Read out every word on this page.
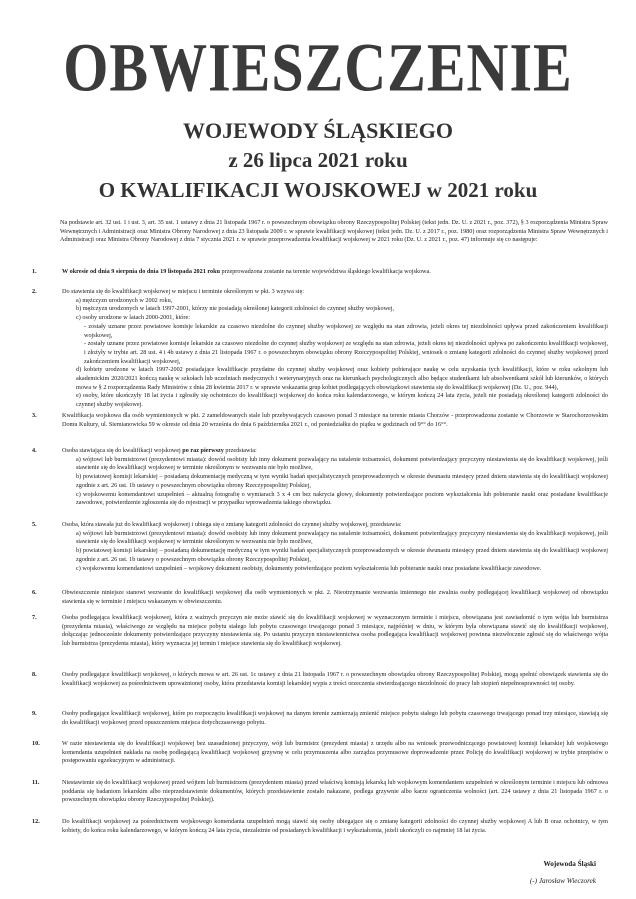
OBWIESZCZENIE
WOJEWODY ŚLĄSKIEGO
z 26 lipca 2021 roku
O KWALIFIKACJI WOJSKOWEJ w 2021 roku
Na podstawie art. 32 ust. 1 i ust. 3, art. 35 ust. 1 ustawy z dnia 21 listopada 1967 r. o powszechnym obowiązku obrony Rzeczypospolitej Polskiej (tekst jedn. Dz. U. z 2021 r., poz. 372), § 3 rozporządzenia Ministra Spraw Wewnętrznych i Administracji oraz Ministra Obrony Narodowej z dnia 23 listopada 2009 r. w sprawie kwalifikacji wojskowej (tekst jedn. Dz. U. z 2017 r., poz. 1980) oraz rozporządzenia Ministra Spraw Wewnętrznych i Administracji oraz Ministra Obrony Narodowej z dnia 7 stycznia 2021 r. w sprawie przeprowadzenia kwalifikacji wojskowej w 2021 roku (Dz. U. z 2021 r., poz. 47) informuje się co następuje:
1.	W okresie od dnia 9 sierpnia do dnia 19 listopada 2021 roku przeprowadzona zostanie na terenie województwa śląskiego kwalifikacja wojskowa.
2.	Do stawienia się do kwalifikacji wojskowej w miejscu i terminie określonym w pkt. 3 wzywa się:

a) mężczyzn urodzonych w 2002 roku,

b) mężczyzn urodzonych w latach 1997-2001, którzy nie posiadają określonej kategorii zdolności do czynnej służby wojskowej,

c) osoby urodzone w latach 2000-2001, które:

- zostały uznane przez powiatowe komisje lekarskie za czasowo niezdolne do czynnej służby wojskowej ze względu na stan zdrowia, jeżeli okres tej niezdolności upływa przed zakończeniem kwalifikacji wojskowej,

- zostały uznane przez powiatowe komisje lekarskie za czasowo niezdolne do czynnej służby wojskowej ze względu na stan zdrowia, jeżeli okres tej niezdolności upływa po zakończeniu kwalifikacji wojskowej, i złożyły w trybie art. 28 ust. 4 i 4b ustawy z dnia 21 listopada 1967 r. o powszechnym obowiązku obrony Rzeczypospolitej Polskiej, wniosek o zmianę kategorii zdolności do czynnej służby wojskowej przed zakończeniem kwalifikacji wojskowej,

d) kobiety urodzone w latach 1997-2002 posiadające kwalifikacje przydatne do czynnej służby wojskowej oraz kobiety pobierające naukę w celu uzyskania tych kwalifikacji, które w roku szkolnym lub akademickim 2020/2021 kończą naukę w szkołach lub uczelniach medycznych i weterynaryjnych oraz na kierunkach psychologicznych albo będące studentkami lub absolwentkami szkół lub kierunków, o których mowa w § 2 rozporządzenia Rady Ministrów z dnia 28 kwietnia 2017 r. w sprawie wskazania grup kobiet podlegających obowiązkowi stawienia się do kwalifikacji wojskowej (Dz. U., poz. 944),

e) osoby, które ukończyły 18 lat życia i zgłosiły się ochotniczo do kwalifikacji wojskowej do końca roku kalendarzowego, w którym kończą 24 lata życia, jeżeli nie posiadają określonej kategorii zdolności do czynnej służby wojskowej.

3.	Kwalifikacja wojskowa dla osób wymienionych w pkt. 2 zameldowanych stale lub przebywających czasowo ponad 3 miesiące na terenie miasta Chorzów - przeprowadzona zostanie w Chorzowie w Starochorzowskim Domu Kultury, ul. Siemianowicka 59 w okresie od dnia 20 września do dnia 6 października 2021 r., od poniedziałku do piątku w godzinach od 9°° do 16°°.
4.	Osoba stawiająca się do kwalifikacji wojskowej po raz pierwszy przedstawia:

a) wójtowi lub burmistrzowi (prezydentowi miasta): dowód osobisty lub inny dokument pozwalający na ustalenie tożsamości, dokument potwierdzający przyczyny niestawienia się do kwalifikacji wojskowej, jeśli stawienie się do kwalifikacji wojskowej w terminie określonym w wezwaniu nie było możliwe,

b) powiatowej komisji lekarskiej – posiadaną dokumentację medyczną w tym wyniki badań specjalistycznych przeprowadzonych w okresie dwunastu miesięcy przed dniem stawienia się do kwalifikacji wojskowej zgodnie z art. 26 ust. 1b ustawy o powszechnym obowiązku obrony Rzeczypospolitej Polskiej,

c) wojskowemu komendantowi uzupełnień – aktualną fotografię o wymiarach 3 x 4 cm bez nakrycia głowy, dokumenty potwierdzające poziom wykształcenia lub pobieranie nauki oraz posiadane kwalifikacje zawodowe, potwierdzenie zgłoszenia się do rejestracji w przypadku wprowadzenia takiego obowiązku.

5.	Osoba, która stawała już do kwalifikacji wojskowej i ubiega się o zmianę kategorii zdolności do czynnej służby wojskowej, przedstawia:

a) wójtowi lub burmistrzowi (prezydentowi miasta): dowód osobisty lub inny dokument pozwalający na ustalenie tożsamości, dokument potwierdzający przyczyny niestawienia się do kwalifikacji wojskowej, jeśli stawienie się do kwalifikacji wojskowej w terminie określonym w wezwaniu nie było możliwe,

b) powiatowej komisji lekarskiej – posiadaną dokumentację medyczną w tym wyniki badań specjalistycznych przeprowadzonych w okresie dwunastu miesięcy przed dniem stawienia się do kwalifikacji wojskowej zgodnie z art. 26 ust. 1b ustawy o powszechnym obowiązku obrony Rzeczypospolitej Polskiej,

c) wojskowemu komendantowi uzupełnień – wojskowy dokument osobisty, dokumenty potwierdzające poziom wykształcenia lub pobieranie nauki oraz posiadane kwalifikacje zawodowe.

6.	Obwieszczenie niniejsze stanowi wezwanie do kwalifikacji wojskowej dla osób wymienionych w pkt. 2. Nieotrzymanie wezwania imiennego nie zwalnia osoby podlegającej kwalifikacji wojskowej od obowiązku stawienia się w terminie i miejscu wskazanym w obwieszczeniu.
7.	Osoba podlegająca kwalifikacji wojskowej, która z ważnych przyczyn nie może stawić się do kwalifikacji wojskowej w wyznaczonym terminie i miejscu, obowiązana jest zawiadomić o tym wójta lub burmistrza (prezydenta miasta), właściwego ze względu na miejsce pobytu stałego lub pobytu czasowego trwającego ponad 3 miesiące, najpóźniej w dniu, w którym była obowiązana stawić się do kwalifikacji wojskowej, dołączając jednocześnie dokumenty potwierdzające przyczyny niestawienia się. Po ustaniu przyczyn niestawiennictwa osoba podlegająca kwalifikacji wojskowej powinna niezwłocznie zgłosić się do właściwego wójta lub burmistrza (prezydenta miasta), który wyznacza jej termin i miejsce stawienia się do kwalifikacji wojskowej.
8.	Osoby podlegające kwalifikacji wojskowej, o których mowa w art. 26 ust. 1c ustawy z dnia 21 listopada 1967 r. o powszechnym obowiązku obrony Rzeczypospolitej Polskiej, mogą spełnić obowiązek stawienia się do kwalifikacji wojskowej za pośrednictwem upoważnionej osoby, która przedstawia komisji lekarskiej wypis z treści orzeczenia stwierdzającego niezdolność do pracy lub stopień niepełnosprawności tej osoby.
9.	Osoby podlegające kwalifikacji wojskowej, które po rozpoczęciu kwalifikacji wojskowej na danym terenie zamierzają zmienić miejsce pobytu stałego lub pobytu czasowego trwającego ponad trzy miesiące, stawiają się do kwalifikacji wojskowej przed opuszczeniem miejsca dotychczasowego pobytu.
10.	W razie niestawienia się do kwalifikacji wojskowej bez uzasadnionej przyczyny, wójt lub burmistrz (prezydent miasta) z urzędu albo na wniosek przewodniczącego powiatowej komisji lekarskiej lub wojskowego komendanta uzupełnień nakłada na osobę podlegającą kwalifikacji wojskowej grzywnę w celu przymuszenia albo zarządza przymusowe doprowadzenie przez Policję do kwalifikacji wojskowej w trybie przepisów o postępowaniu egzekucyjnym w administracji.
11.	Niestawienie się do kwalifikacji wojskowej przed wójtem lub burmistrzem (prezydentem miasta) przed właściwą komisją lekarską lub wojskowym komendantem uzupełnień w określonym terminie i miejscu lub odmowa poddania się badaniom lekarskim albo nieprzedstawienie dokumentów, których przedstawienie zostało nakazane, podlega grzywnie albo karze ograniczenia wolności (art. 224 ustawy z dnia 21 listopada 1967 r. o powszechnym obowiązku obrony Rzeczypospolitej Polskiej).
12.	Do kwalifikacji wojskowej za pośrednictwem wojskowego komendanta uzupełnień mogą stawić się osoby ubiegające się o zmianę kategorii zdolności do czynnej służby wojskowej A lub B oraz ochotnicy, w tym kobiety, do końca roku kalendarzowego, w którym kończą 24 lata życia, niezależnie od posiadanych kwalifikacji i wykształcenia, jeżeli ukończyli co najmniej 18 lat życia.
Wojewoda Śląski
(-) Jarosław Wieczorek
